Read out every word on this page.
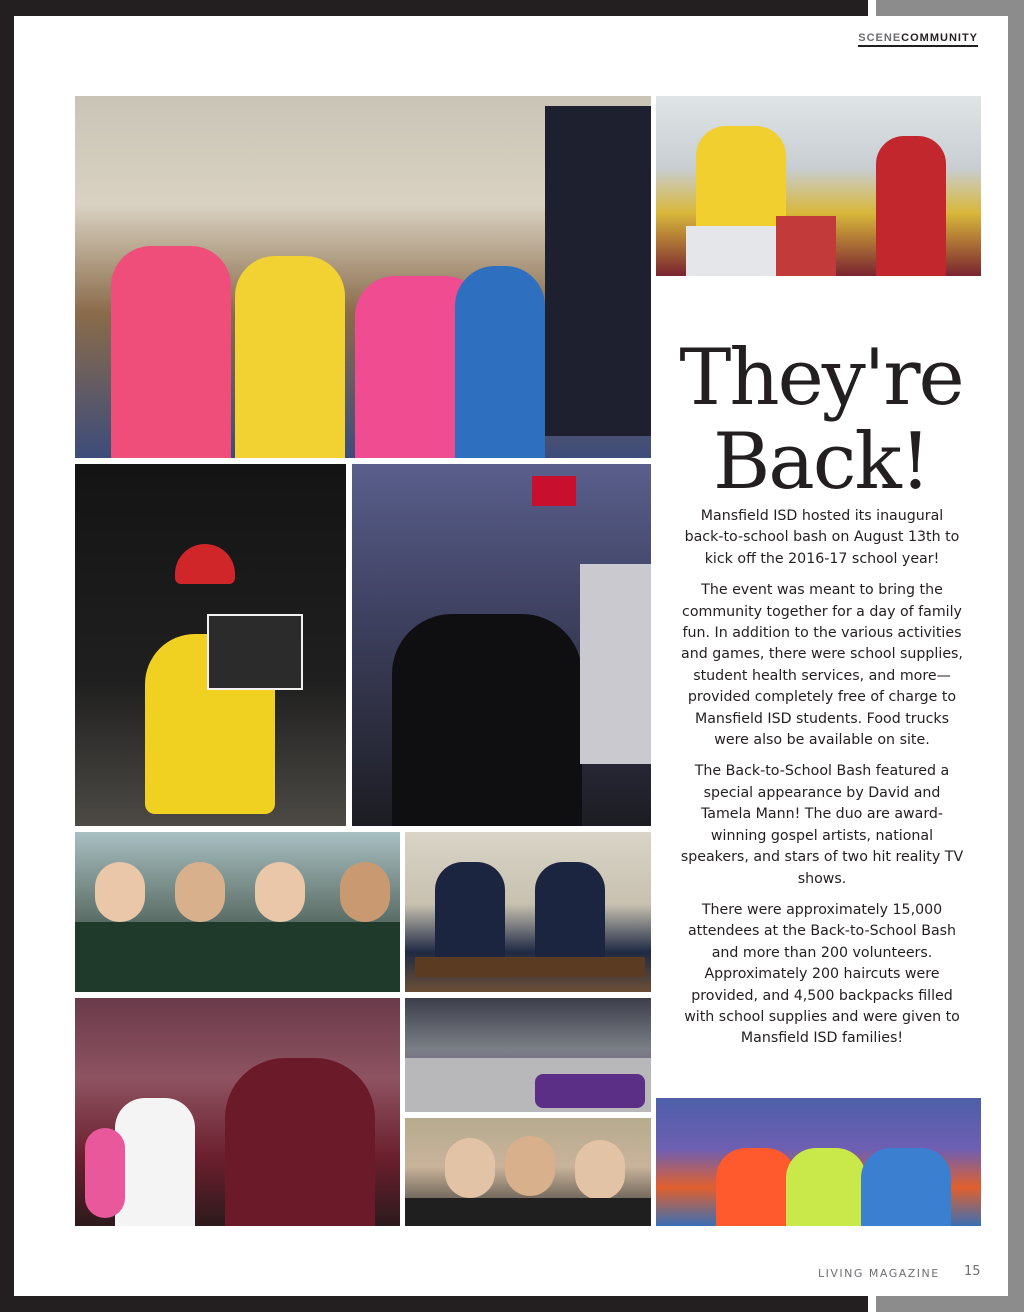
SCENECOMMUNITY
They're
Back!

Mansfield ISD hosted its inaugural back-to-school bash on August 13th to kick off the 2016-17 school year!

The event was meant to bring the community together for a day of family fun. In addition to the various activities and games, there were school supplies, student health services, and more—provided completely free of charge to Mansfield ISD students. Food trucks were also be available on site.

The Back-to-School Bash featured a special appearance by David and Tamela Mann! The duo are award-winning gospel artists, national speakers, and stars of two hit reality TV shows.

There were approximately 15,000 attendees at the Back-to-School Bash and more than 200 volunteers. Approximately 200 haircuts were provided, and 4,500 backpacks filled with school supplies and were given to Mansfield ISD families!

LIVING MAGAZINE 15
